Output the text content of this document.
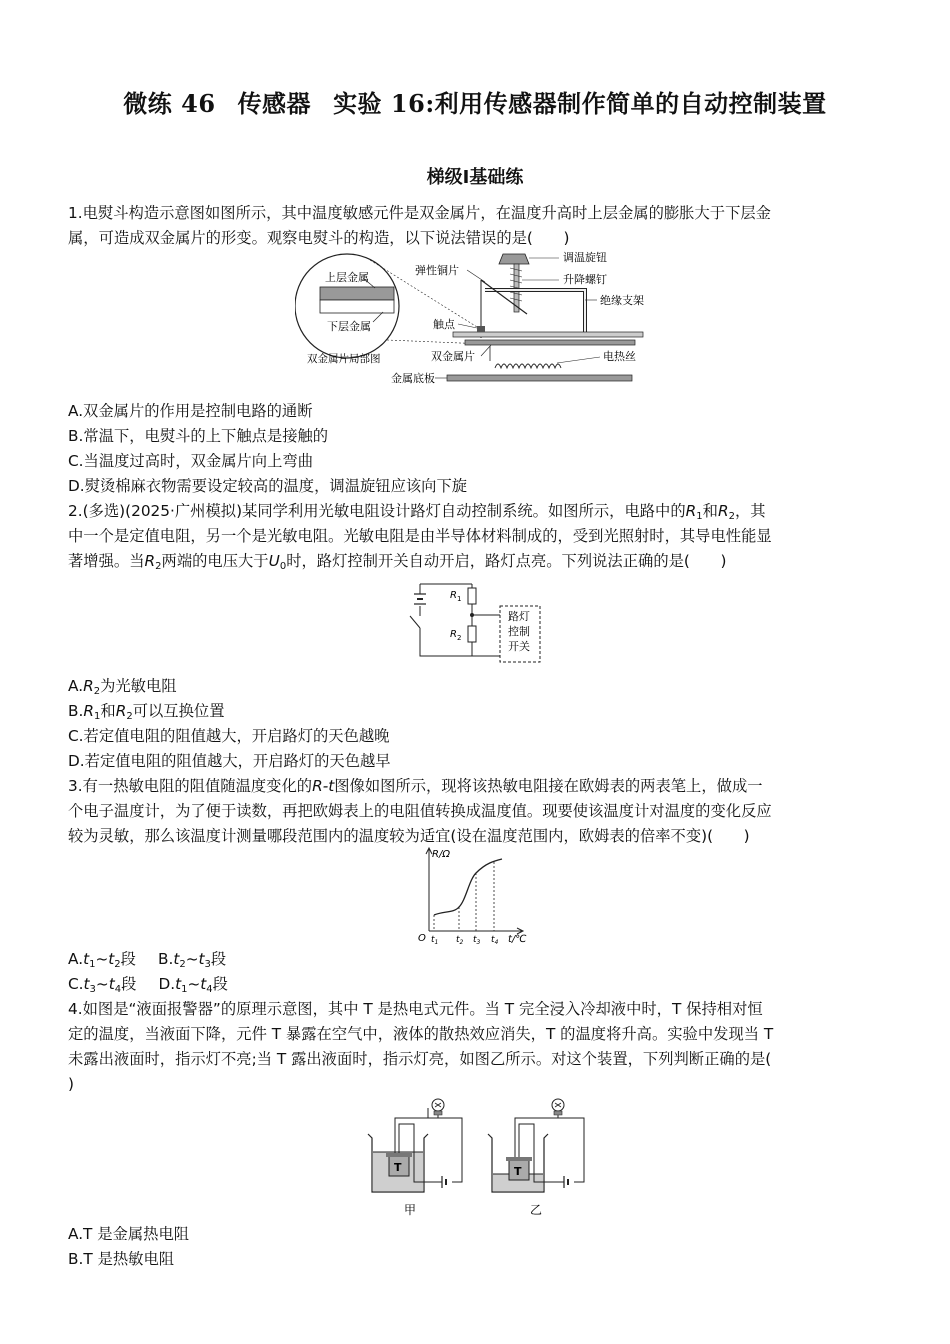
微练 46 传感器 实验 16:利用传感器制作简单的自动控制装置
梯级Ⅰ基础练
1.电熨斗构造示意图如图所示，其中温度敏感元件是双金属片，在温度升高时上层金属的膨胀大于下层金
属，可造成双金属片的形变。观察电熨斗的构造，以下说法错误的是(　　)
上层金属
下层金属
双金属片局部图
弹性铜片
调温旋钮
升降螺钉
绝缘支架
触点
双金属片	电热丝
金属底板
A.双金属片的作用是控制电路的通断
B.常温下，电熨斗的上下触点是接触的
C.当温度过高时，双金属片向上弯曲
D.熨烫棉麻衣物需要设定较高的温度，调温旋钮应该向下旋
2.(多选)(2025·广州模拟)某同学利用光敏电阻设计路灯自动控制系统。如图所示，电路中的$R_1$和$R_2$，其
中一个是定值电阻，另一个是光敏电阻。光敏电阻是由半导体材料制成的，受到光照射时，其导电性能显
著增强。当$R_2$两端的电压大于$U_0$时，路灯控制开关自动开启，路灯点亮。下列说法正确的是(　　)
R 1
R 2
路灯
控制
开关
$A.R_2$为光敏电阻
$B.R_1$和$R_2$可以互换位置
C.若定值电阻的阻值越大，开启路灯的天色越晚
D.若定值电阻的阻值越大，开启路灯的天色越早
3.有一热敏电阻的阻值随温度变化的R-t图像如图所示，现将该热敏电阻接在欧姆表的两表笔上，做成一
个电子温度计，为了便于读数，再把欧姆表上的电阻值转换成温度值。现要使该温度计对温度的变化反应
较为灵敏，那么该温度计测量哪段范围内的温度较为适宜(设在温度范围内，欧姆表的倍率不变)(　　)
R/Ω
O	t/℃
$t_1$ $t_2$ $t_3$ $t_4$
$A.t_1\sim t_2$段 $B.t_2\sim t_3$段
$C.t_3\sim t_4$段 $D.t_1\sim t_4$段
4.如图是“液面报警器”的原理示意图，其中 T 是热电式元件。当 T 完全浸入冷却液中时，T 保持相对恒
定的温度，当液面下降，元件 T 暴露在空气中，液体的散热效应消失，T 的温度将升高。实验中发现当 T
未露出液面时，指示灯不亮;当 T 露出液面时，指示灯亮，如图乙所示。对这个装置，下列判断正确的是(
)
T
甲
T
乙
A.T 是金属热电阻
B.T 是热敏电阻
